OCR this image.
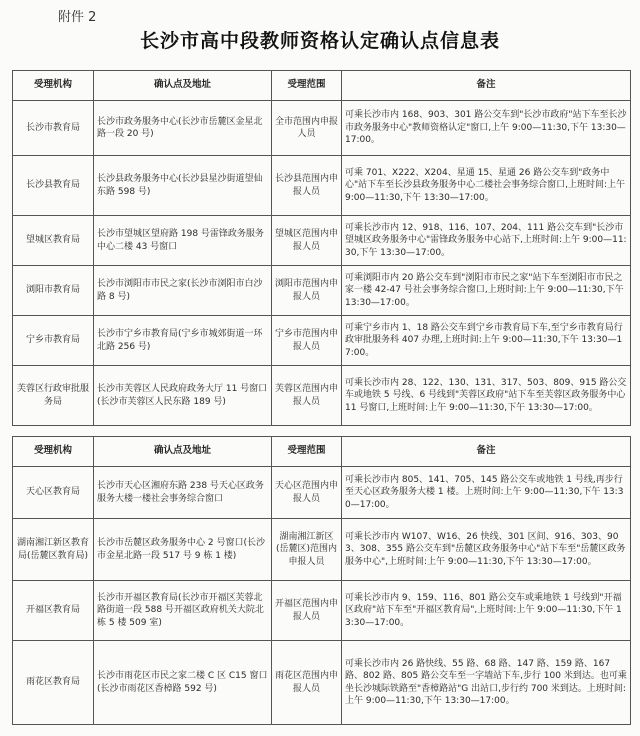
附件 2
长沙市高中段教师资格认定确认点信息表
受理机构	确认点及地址	受理范围	备注
长沙市教育局	长沙市政务服务中心(长沙市岳麓区金星北路一段 20 号)	全市范围内申报人员	可乘长沙市内 168、903、301 路公交车到"长沙市政府"站下车至长沙市政务服务中心"教师资格认定"窗口,上午 9:00—11:30,下午 13:30—17:00。
长沙县教育局	长沙县政务服务中心(长沙县星沙街道望仙东路 598 号)	长沙县范围内申报人员	可乘 701、X222、X204、星通 15、星通 26 路公交车到"政务中心"站下车至长沙县政务服务中心二楼社会事务综合窗口,上班时间:上午 9:00—11:30,下午 13:30—17:00。
望城区教育局	长沙市望城区望府路 198 号雷锋政务服务中心二楼 43 号窗口	望城区范围内申报人员	可乘长沙市内 12、918、116、107、204、111 路公交车到"长沙市望城区政务服务中心"雷锋政务服务中心站下,上班时间:上午 9:00—11:30,下午 13:30—17:00。
浏阳市教育局	长沙市浏阳市市民之家(长沙市浏阳市白沙路 8 号)	浏阳市范围内申报人员	可乘浏阳市内 20 路公交车到"浏阳市市民之家"站下车至浏阳市市民之家一楼 42-47 号社会事务综合窗口,上班时间:上午 9:00—11:30,下午 13:30—17:00。
宁乡市教育局	长沙市宁乡市教育局(宁乡市城郊街道一环北路 256 号)	宁乡市范围内申报人员	可乘宁乡市内 1、18 路公交车到宁乡市教育局下车,至宁乡市教育局行政审批服务科 407 办理,上班时间:上午 9:00—11:30,下午 13:30—17:00。
芙蓉区行政审批服务局	长沙市芙蓉区人民政府政务大厅 11 号窗口(长沙市芙蓉区人民东路 189 号)	芙蓉区范围内申报人员	可乘长沙市内 28、122、130、131、317、503、809、915 路公交车或地铁 5 号线、6 号线到"芙蓉区政府"站下车至芙蓉区政务服务中心 11 号窗口,上班时间:上午 9:00—11:30,下午 13:30—17:00。
受理机构	确认点及地址	受理范围	备注
天心区教育局	长沙市天心区湘府东路 238 号天心区政务服务大楼一楼社会事务综合窗口	天心区范围内申报人员	可乘长沙市内 805、141、705、145 路公交车或地铁 1 号线,再步行至天心区政务服务大楼 1 楼。上班时间:上午 9:00—11:30,下午 13:30—17:00。
湖南湘江新区教育局(岳麓区教育局)	长沙市岳麓区政务服务中心 2 号窗口(长沙市金星北路一段 517 号 9 栋 1 楼)	湖南湘江新区(岳麓区)范围内申报人员	可乘长沙市内 W107、W16、26 快线、301 区间、916、303、903、308、355 路公交车到"岳麓区政务服务中心"站下车至"岳麓区政务服务中心",上班时间:上午 9:00—11:30,下午 13:30—17:00。
开福区教育局	长沙市开福区教育局(长沙市开福区芙蓉北路街道一段 588 号开福区政府机关大院北栋 5 楼 509 室)	开福区范围内申报人员	可乘长沙市内 9、159、116、801 路公交车或乘地铁 1 号线到"开福区政府"站下车至"开福区教育局",上班时间:上午 9:00—11:30,下午 13:30—17:00。
雨花区教育局	长沙市雨花区市民之家二楼 C 区 C15 窗口(长沙市雨花区香樟路 592 号)	雨花区范围内申报人员	可乘长沙市内 26 路快线、55 路、68 路、147 路、159 路、167 路、802 路、805 路公交车至一字墙站下车,步行 100 米到达。也可乘坐长沙城际铁路至"香樟路站"G 出站口,步行约 700 米到达。上班时间:上午 9:00—11:30,下午 13:30—17:00。
